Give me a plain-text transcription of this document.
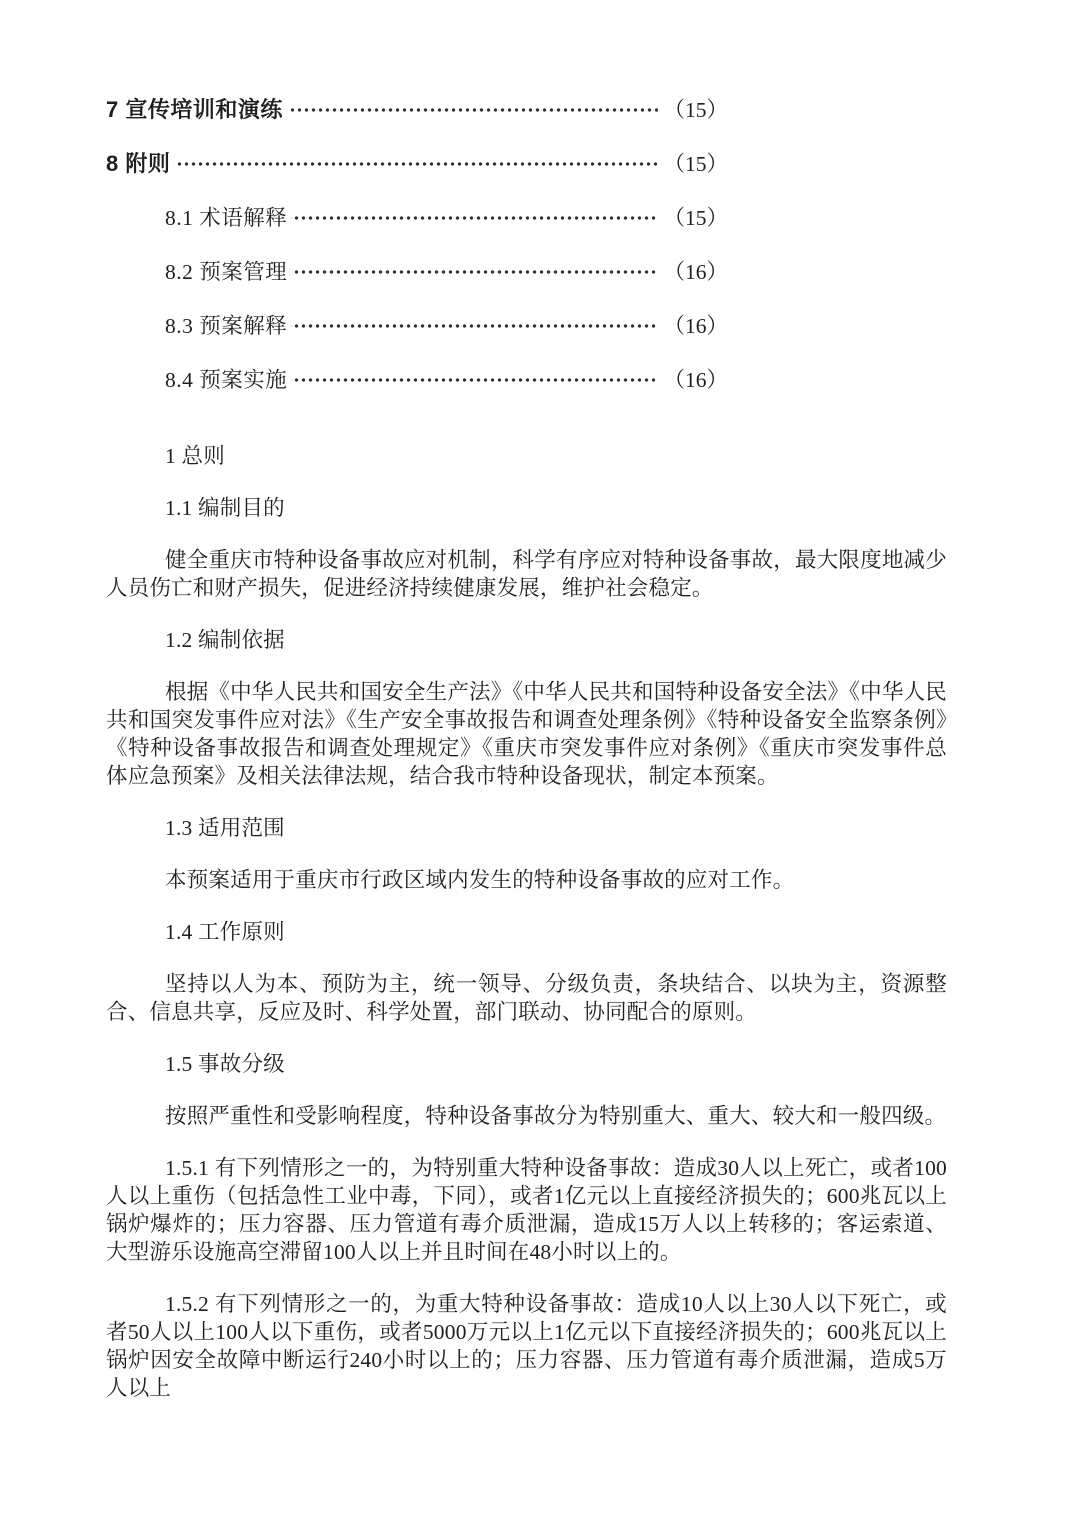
7 宣传培训和演练	（15）
8 附则	（15）
8.1 术语解释	（15）
8.2 预案管理	（16）
8.3 预案解释	（16）
8.4 预案实施	（16）
1 总则
1.1 编制目的
健全重庆市特种设备事故应对机制，科学有序应对特种设备事故，最大限度地减少人员伤亡和财产损失，促进经济持续健康发展，维护社会稳定。
1.2 编制依据
根据《中华人民共和国安全生产法》《中华人民共和国特种设备安全法》《中华人民共和国突发事件应对法》《生产安全事故报告和调查处理条例》《特种设备安全监察条例》《特种设备事故报告和调查处理规定》《重庆市突发事件应对条例》《重庆市突发事件总体应急预案》及相关法律法规，结合我市特种设备现状，制定本预案。
1.3 适用范围
本预案适用于重庆市行政区域内发生的特种设备事故的应对工作。
1.4 工作原则
坚持以人为本、预防为主，统一领导、分级负责，条块结合、以块为主，资源整合、信息共享，反应及时、科学处置，部门联动、协同配合的原则。
1.5 事故分级
按照严重性和受影响程度，特种设备事故分为特别重大、重大、较大和一般四级。
1.5.1 有下列情形之一的，为特别重大特种设备事故：造成30人以上死亡，或者100人以上重伤（包括急性工业中毒，下同），或者1亿元以上直接经济损失的；600兆瓦以上锅炉爆炸的；压力容器、压力管道有毒介质泄漏，造成15万人以上转移的；客运索道、大型游乐设施高空滞留100人以上并且时间在48小时以上的。
1.5.2 有下列情形之一的，为重大特种设备事故：造成10人以上30人以下死亡，或者50人以上100人以下重伤，或者5000万元以上1亿元以下直接经济损失的；600兆瓦以上锅炉因安全故障中断运行240小时以上的；压力容器、压力管道有毒介质泄漏，造成5万人以上
